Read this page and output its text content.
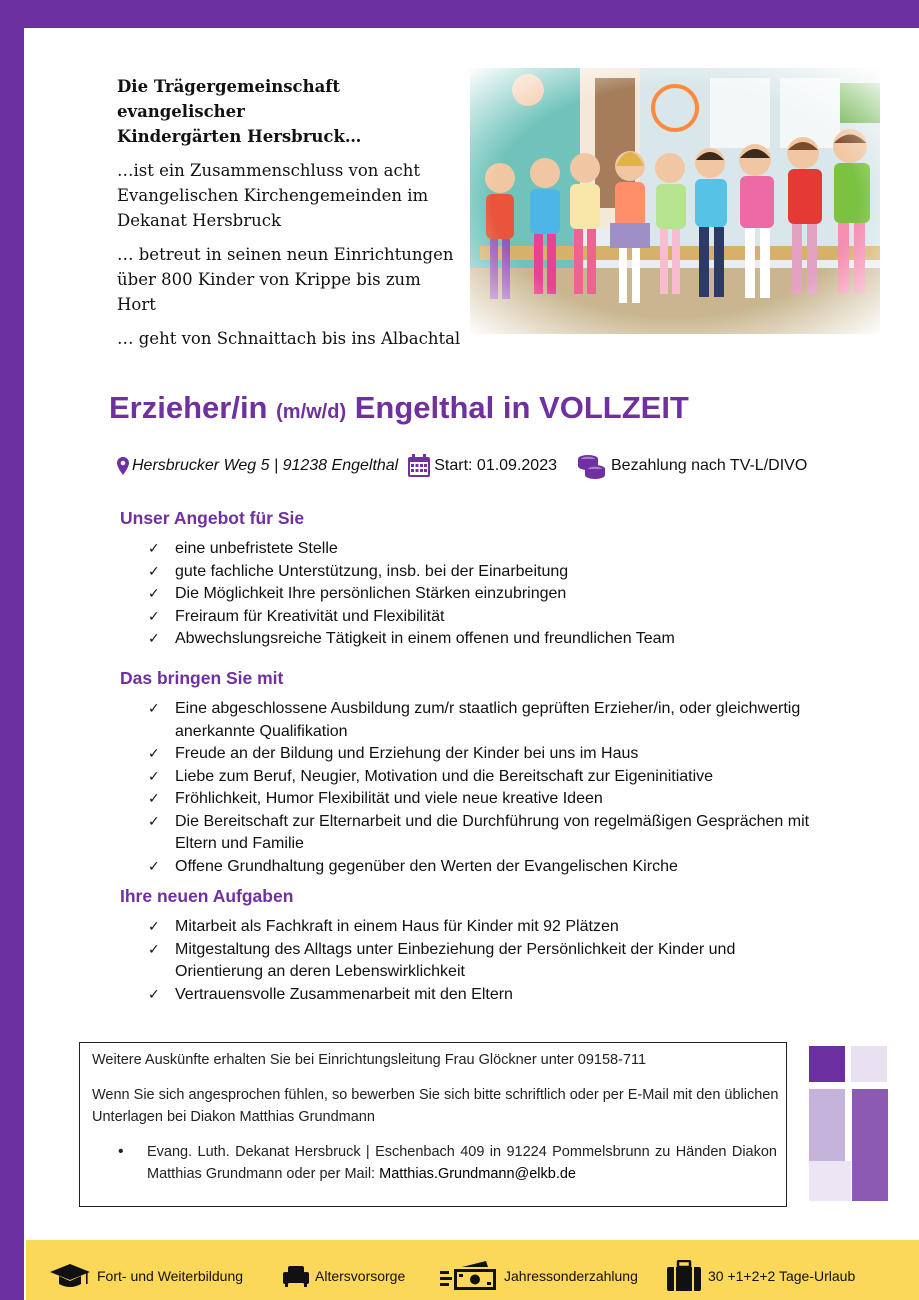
Die Trägergemeinschaft evangelischer
Kindergärten Hersbruck…

…ist ein Zusammenschluss von acht Evangelischen Kirchengemeinden im Dekanat Hersbruck

… betreut in seinen neun Einrichtungen über 800 Kinder von Krippe bis zum Hort

… geht von Schnaittach bis ins Albachtal

Erzieher/in (m/w/d) Engelthal in VOLLZEIT
Hersbrucker Weg 5 | 91238 Engelthal Start: 01.09.2023	Bezahlung nach TV-L/DIVO
Unser Angebot für Sie
✓ eine unbefristete Stelle
✓ gute fachliche Unterstützung, insb. bei der Einarbeitung
✓ Die Möglichkeit Ihre persönlichen Stärken einzubringen
✓ Freiraum für Kreativität und Flexibilität
✓ Abwechslungsreiche Tätigkeit in einem offenen und freundlichen Team
Das bringen Sie mit
✓ Eine abgeschlossene Ausbildung zum/r staatlich geprüften Erzieher/in, oder gleichwertig anerkannte Qualifikation
✓ Freude an der Bildung und Erziehung der Kinder bei uns im Haus
✓ Liebe zum Beruf, Neugier, Motivation und die Bereitschaft zur Eigeninitiative
✓ Fröhlichkeit, Humor Flexibilität und viele neue kreative Ideen
✓ Die Bereitschaft zur Elternarbeit und die Durchführung von regelmäßigen Gesprächen mit Eltern und Familie
✓ Offene Grundhaltung gegenüber den Werten der Evangelischen Kirche
Ihre neuen Aufgaben
✓ Mitarbeit als Fachkraft in einem Haus für Kinder mit 92 Plätzen
✓ Mitgestaltung des Alltags unter Einbeziehung der Persönlichkeit der Kinder und Orientierung an deren Lebenswirklichkeit
✓ Vertrauensvolle Zusammenarbeit mit den Eltern

Weitere Auskünfte erhalten Sie bei Einrichtungsleitung Frau Glöckner unter 09158-711

Wenn Sie sich angesprochen fühlen, so bewerben Sie sich bitte schriftlich oder per E-Mail mit den üblichen Unterlagen bei Diakon Matthias Grundmann

• Evang. Luth. Dekanat Hersbruck | Eschenbach 409 in 91224 Pommelsbrunn zu Händen Diakon Matthias Grundmann oder per Mail: Matthias.Grundmann@elkb.de

Fort- und Weiterbildung	Altersvorsorge	Jahressonderzahlung	30 +1+2+2 Tage-Urlaub
